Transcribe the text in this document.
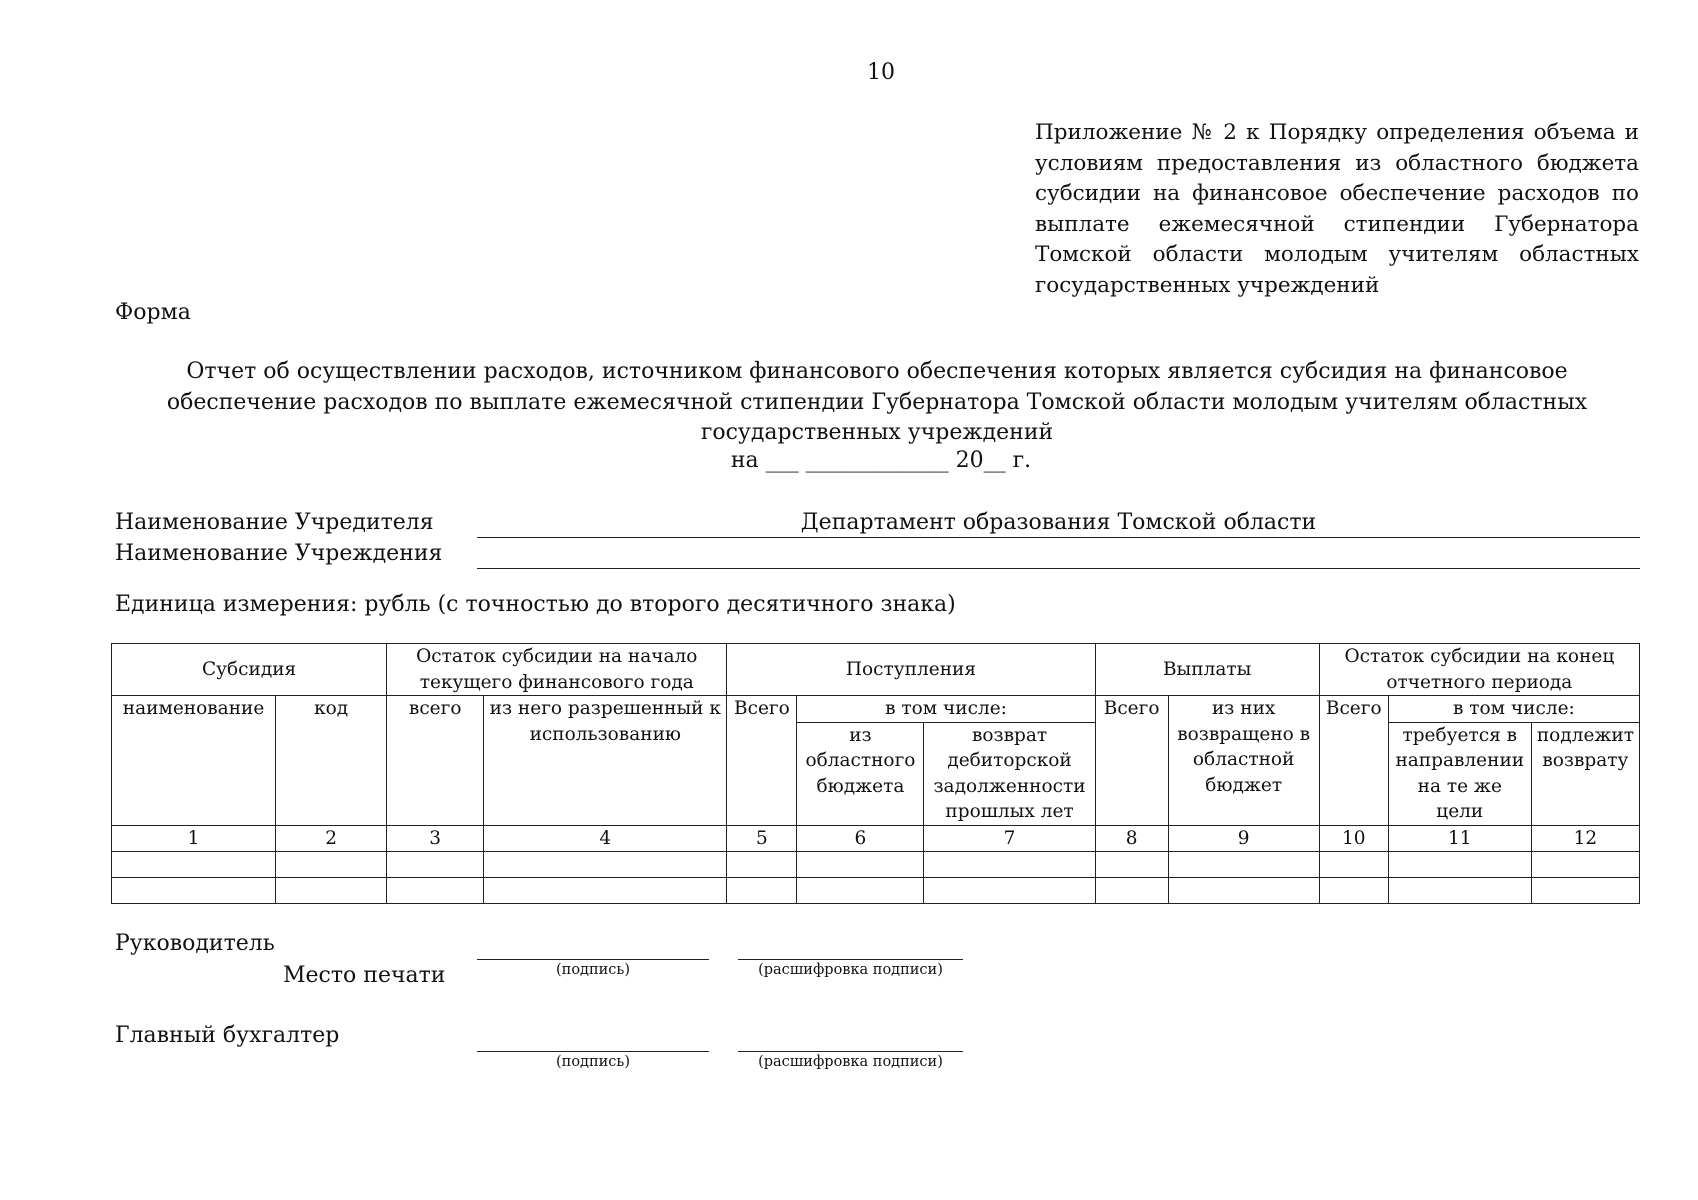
10
Приложение № 2 к Порядку определения объема и условиям предоставления из областного бюджета субсидии на финансовое обеспечение расходов по выплате ежемесячной стипендии Губернатора Томской области молодым учителям областных государственных учреждений
Форма
Отчет об осуществлении расходов, источником финансового обеспечения которых является субсидия на финансовое обеспечение расходов по выплате ежемесячной стипендии Губернатора Томской области молодым учителям областных государственных учреждений
на ___ _____________ 20__ г.
Наименование Учредителя	Департамент образования Томской области
Наименование Учреждения
Единица измерения: рубль (с точностью до второго десятичного знака)
Субсидия		Остаток субсидии на начало текущего финансового года		Поступления			Выплаты		Остаток субсидии на конец отчетного периода		
наименование	код	всего	из него разрешенный к использованию	Всего	в том числе:		Всего	из них возвращено в областной бюджет	Всего	в том числе:	
					из областного бюджета	возврат дебиторской задолженности прошлых лет				требуется в направлении на те же цели	подлежит возврату
1	2	3	4	5	6	7	8	9	10	11	12

Руководитель
Место печати	(подпись)	(расшифровка подписи)
Главный бухгалтер
(подпись)	(расшифровка подписи)
